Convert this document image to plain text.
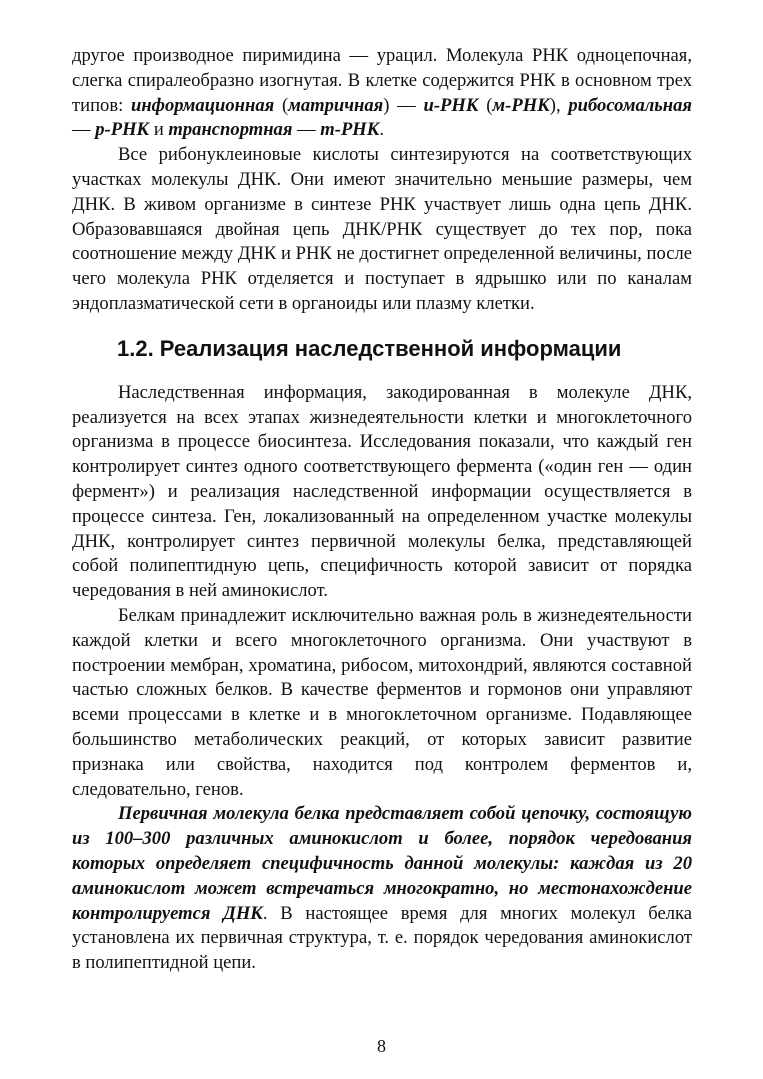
другое производное пиримидина — урацил. Молекула РНК одноцепочная, слегка спиралеобразно изогнутая. В клетке содержится РНК в основном трех типов: информационная (матричная) — и-РНК (м-РНК), рибосомальная — р-РНК и транспортная — т-РНК.

Все рибонуклеиновые кислоты синтезируются на соответствующих участках молекулы ДНК. Они имеют значительно меньшие размеры, чем ДНК. В живом организме в синтезе РНК участвует лишь одна цепь ДНК. Образовавшаяся двойная цепь ДНК/РНК существует до тех пор, пока соотношение между ДНК и РНК не достигнет определенной величины, после чего молекула РНК отделяется и поступает в ядрышко или по каналам эндоплазматической сети в органоиды или плазму клетки.

1.2. Реализация наследственной информации

Наследственная информация, закодированная в молекуле ДНК, реализуется на всех этапах жизнедеятельности клетки и многоклеточного организма в процессе биосинтеза. Исследования показали, что каждый ген контролирует синтез одного соответствующего фермента («один ген — один фермент») и реализация наследственной информации осуществляется в процессе синтеза. Ген, локализованный на определенном участке молекулы ДНК, контролирует синтез первичной молекулы белка, представляющей собой полипептидную цепь, специфичность которой зависит от порядка чередования в ней аминокислот.

Белкам принадлежит исключительно важная роль в жизнедеятельности каждой клетки и всего многоклеточного организма. Они участвуют в построении мембран, хроматина, рибосом, митохондрий, являются составной частью сложных белков. В качестве ферментов и гормонов они управляют всеми процессами в клетке и в многоклеточном организме. Подавляющее большинство метаболических реакций, от которых зависит развитие признака или свойства, находится под контролем ферментов и, следовательно, генов.

Первичная молекула белка представляет собой цепочку, состоящую из 100–300 различных аминокислот и более, порядок чередования которых определяет специфичность данной молекулы: каждая из 20 аминокислот может встречаться многократно, но местонахождение контролируется ДНК. В настоящее время для многих молекул белка установлена их первичная структура, т. е. порядок чередования аминокислот в полипептидной цепи.

8
